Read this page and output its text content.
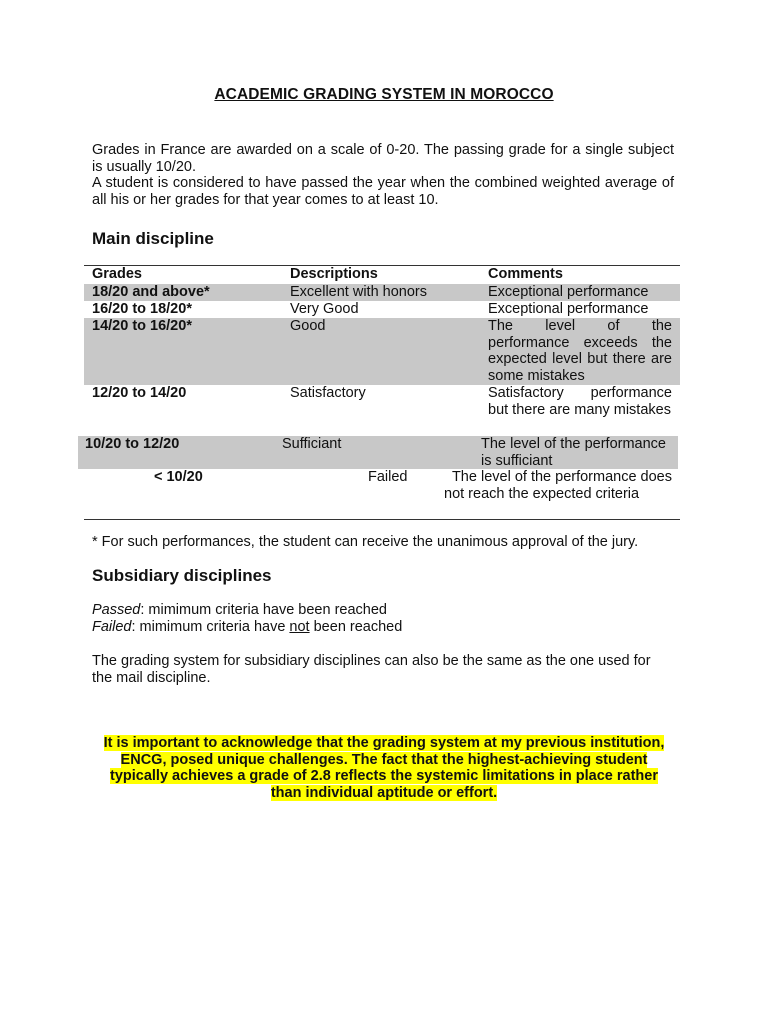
ACADEMIC GRADING SYSTEM IN MOROCCO

Grades in France are awarded on a scale of 0-20. The passing grade for a single subject is usually 10/20.

A student is considered to have passed the year when the combined weighted average of all his or her grades for that year comes to at least 10.

Main discipline
Grades	Descriptions	Comments
18/20 and above*	Excellent with honors	Exceptional performance
16/20 to 18/20*	Very Good	Exceptional performance
14/20 to 16/20*	Good	The level of the performance exceeds the expected level but there are some mistakes
12/20 to 14/20	Satisfactory	Satisfactory performance but there are many mistakes
10/20 to 12/20	Sufficiant	The level of the performance is sufficiant
< 10/20	Failed	The level of the performance does not reach the expected criteria
* For such performances, the student can receive the unanimous approval of the jury.
Subsidiary disciplines
Passed: mimimum criteria have been reached
Failed: mimimum criteria have not been reached
The grading system for subsidiary disciplines can also be the same as the one used for the mail discipline.
It is important to acknowledge that the grading system at my previous institution,
ENCG, posed unique challenges. The fact that the highest-achieving student
typically achieves a grade of 2.8 reflects the systemic limitations in place rather
than individual aptitude or effort.
